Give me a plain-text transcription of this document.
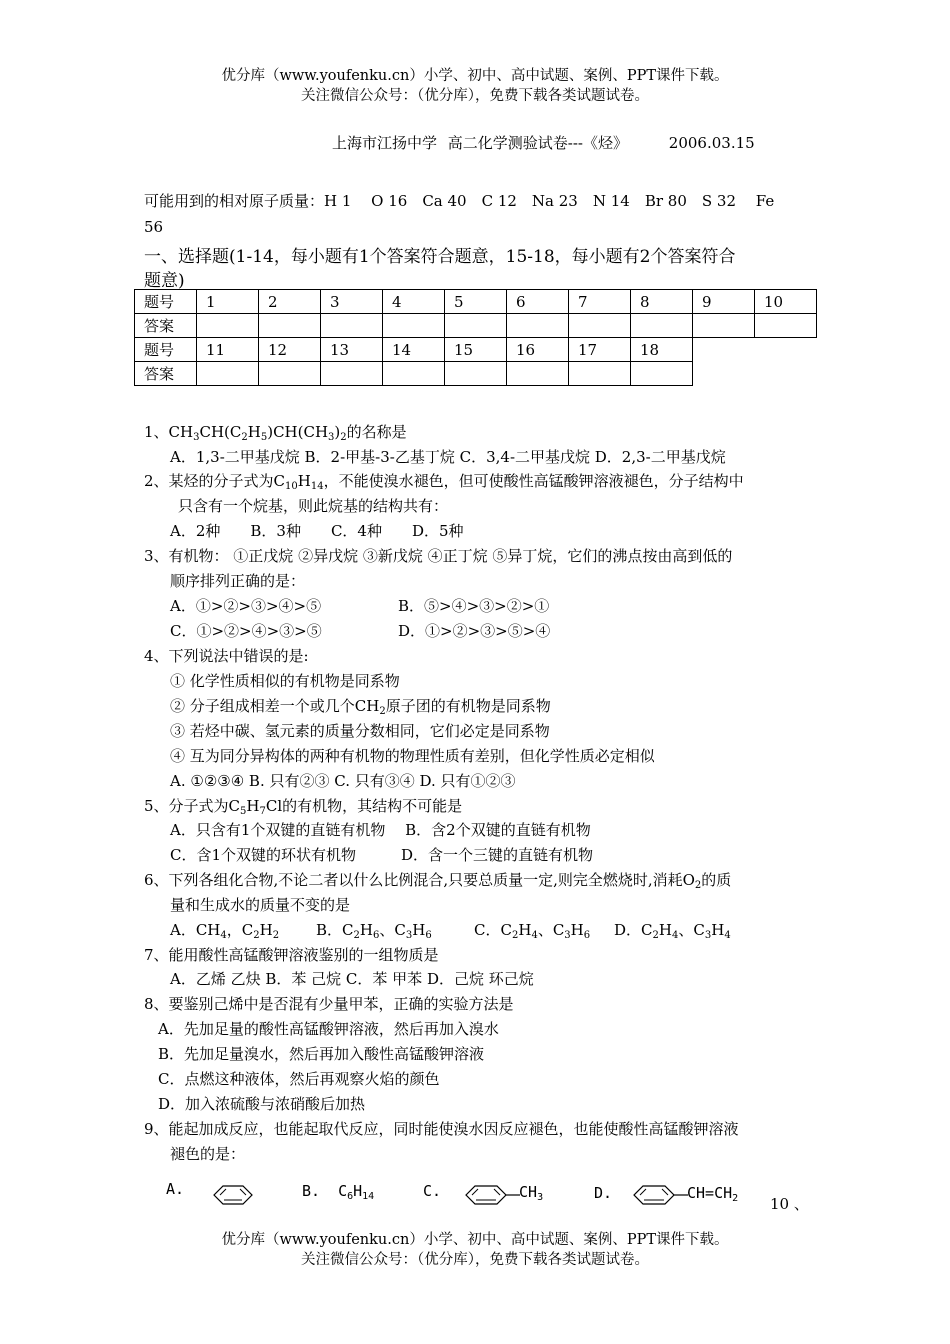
优分库（www.youfenku.cn）小学、初中、高中试题、案例、PPT课件下载。
关注微信公众号：（优分库），免费下载各类试题试卷。
上海市江扬中学 高二化学测验试卷---《烃》	2006.03.15
可能用到的相对原子质量：H 1　 O 16　Ca 40　C 12　Na 23　N 14　Br 80　S 32　 Fe
56
一、选择题(1-14，每小题有1个答案符合题意，15-18，每小题有2个答案符合
题意)
题号	1	2	3	4	5	6	7	8	9	10
答案										
题号	11	12	13	14	15	16	17	18		
答案										
1、$CH_3CH(C_2H_5)CH(CH_3)_2$的名称是
A．1,3-二甲基戊烷 B．2-甲基-3-乙基丁烷 C．3,4-二甲基戊烷 D．2,3-二甲基戊烷
2、某烃的分子式为$C_{10}H_{14}$，不能使溴水褪色，但可使酸性高锰酸钾溶液褪色，分子结构中
只含有一个烷基，则此烷基的结构共有：
A．2种　　B．3种　　C．4种　　D．5种
3、有机物： ①正戊烷 ②异戊烷 ③新戊烷 ④正丁烷 ⑤异丁烷，它们的沸点按由高到低的
顺序排列正确的是：
A．①>②>③>④>⑤	B．⑤>④>③>②>①
C．①>②>④>③>⑤	D．①>②>③>⑤>④
4、下列说法中错误的是:
① 化学性质相似的有机物是同系物
② 分子组成相差一个或几个$CH_2$原子团的有机物是同系物
③ 若烃中碳、氢元素的质量分数相同，它们必定是同系物
④ 互为同分异构体的两种有机物的物理性质有差别，但化学性质必定相似
A. ①②③④ B. 只有②③ C. 只有③④ D. 只有①②③
5、分子式为$C_5H_7Cl$的有机物，其结构不可能是
A．只含有1个双键的直链有机物　 B．含2个双键的直链有机物
C．含1个双键的环状有机物　　　D．含一个三键的直链有机物
6、下列各组化合物,不论二者以什么比例混合,只要总质量一定,则完全燃烧时,消耗$O_2$的质
量和生成水的质量不变的是
A．$CH_4$，$C_2H_2$ B．$C_2H_6$、$C_3H_6$	C．$C_2H_4$、$C_3H_6$ D．$C_2H_4$、$C_3H_4$
7、能用酸性高锰酸钾溶液鉴别的一组物质是
A．乙烯 乙炔 B．苯 己烷 C．苯 甲苯 D．己烷 环己烷
8、要鉴别己烯中是否混有少量甲苯，正确的实验方法是
A．先加足量的酸性高锰酸钾溶液，然后再加入溴水
B．先加足量溴水，然后再加入酸性高锰酸钾溶液
C．点燃这种液体，然后再观察火焰的颜色
D．加入浓硫酸与浓硝酸后加热
9、能起加成反应，也能起取代反应，同时能使溴水因反应褪色，也能使酸性高锰酸钾溶液
褪色的是：
A.	B. $C_6H_{14}$	C.	$CH_3$	D.	$CH=CH_2$ 10 、
优分库（www.youfenku.cn）小学、初中、高中试题、案例、PPT课件下载。
关注微信公众号：（优分库），免费下载各类试题试卷。
